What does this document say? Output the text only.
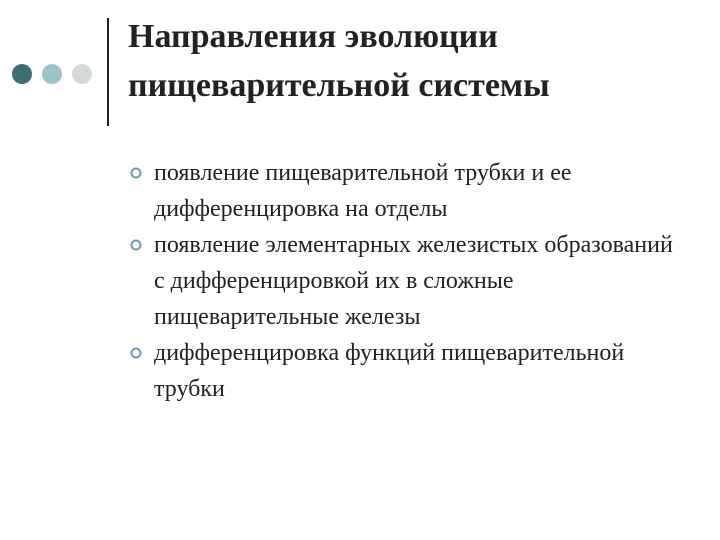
Направления эволюции
пищеварительной системы
появление пищеварительной трубки и ее дифференцировка на отделы
появление элементарных железистых образований с дифференцировкой их в сложные пищеварительные железы
дифференцировка функций пищеварительной трубки
